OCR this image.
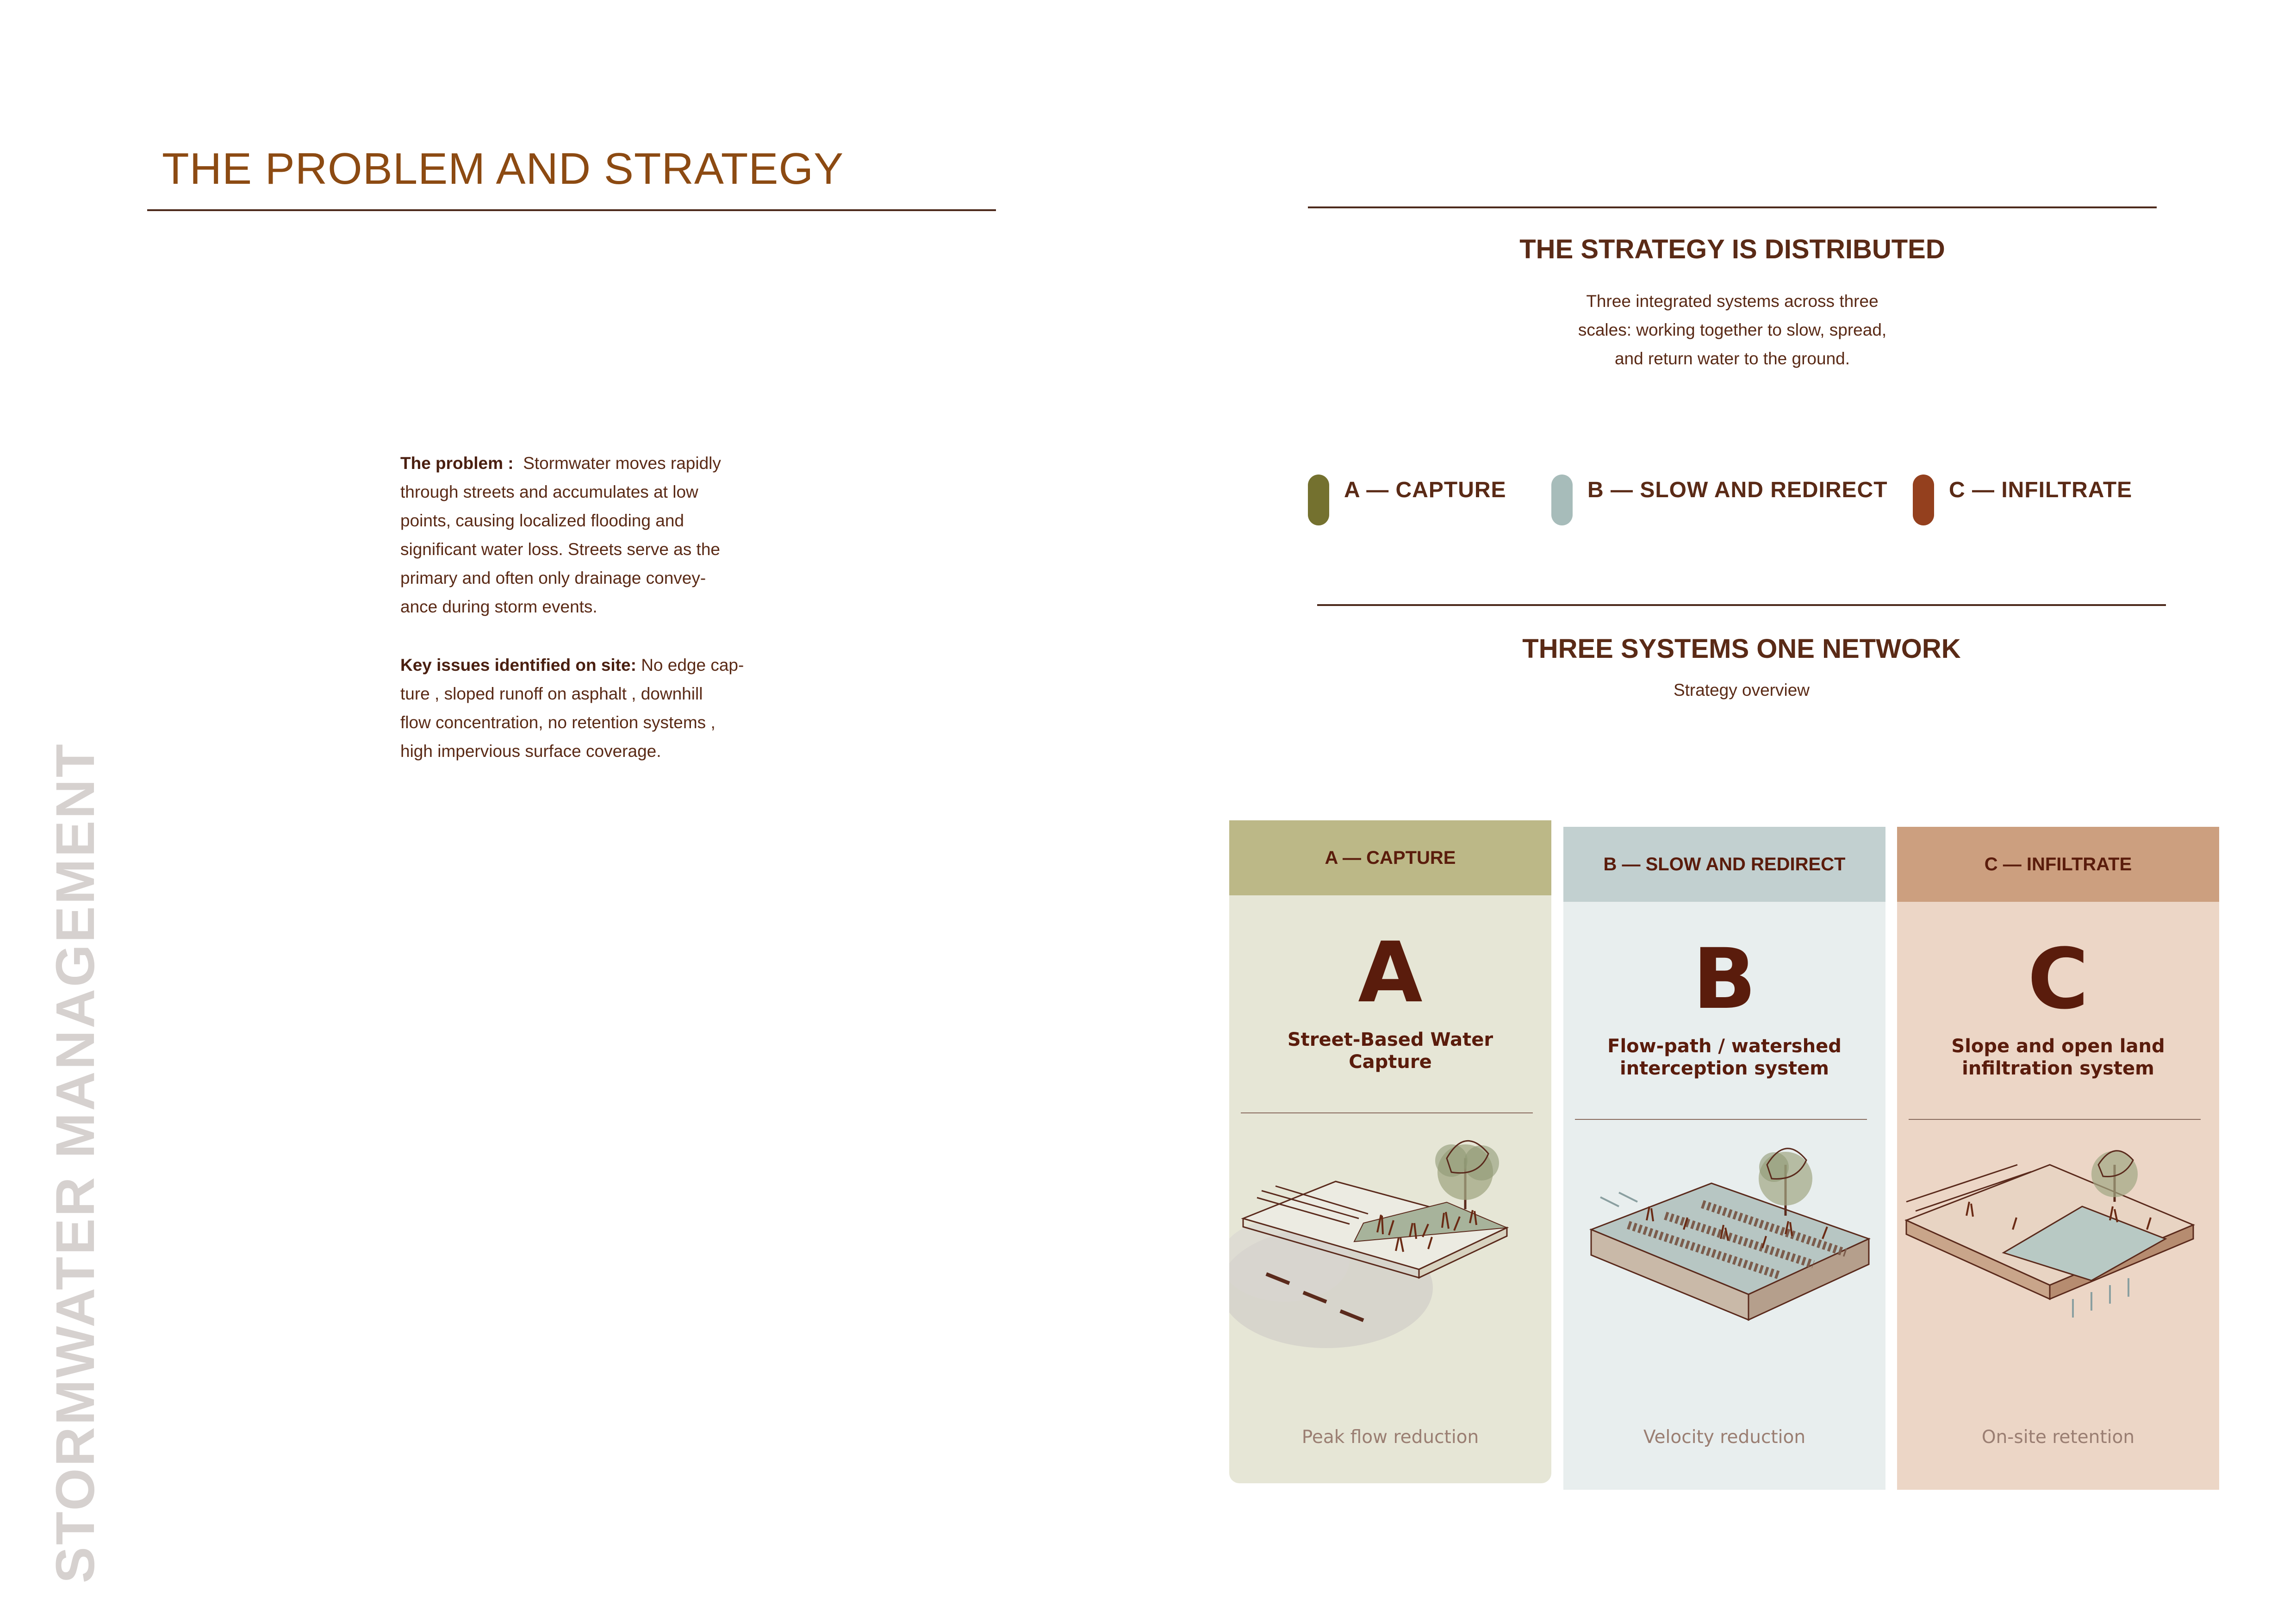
STORMWATER MANAGEMENT
THE PROBLEM AND STRATEGY
The problem : Stormwater moves rapidly
through streets and accumulates at low
points, causing localized flooding and
significant water loss. Streets serve as the
primary and often only drainage convey-
ance during storm events.
Key issues identified on site: No edge cap-
ture , sloped runoff on asphalt , downhill
flow concentration, no retention systems ,
high impervious surface coverage.
THE STRATEGY IS DISTRIBUTED
Three integrated systems across three
scales: working together to slow, spread,
and return water to the ground.
A — CAPTURE	B — SLOW AND REDIRECT	C — INFILTRATE
THREE SYSTEMS ONE NETWORK
Strategy overview
A — CAPTURE
A
Street-Based Water Capture
Peak flow reduction
B — SLOW AND REDIRECT
B
Flow-path / watershed interception system
Velocity reduction
C — INFILTRATE
C
Slope and open land infiltration system
On-site retention
